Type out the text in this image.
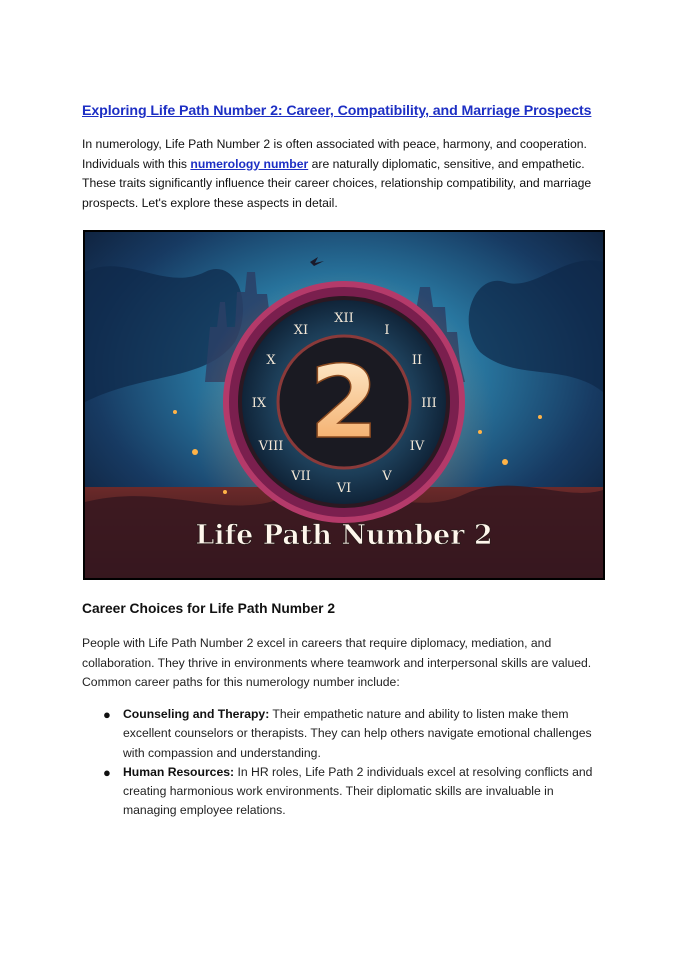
Exploring Life Path Number 2: Career, Compatibility, and Marriage Prospects

In numerology, Life Path Number 2 is often associated with peace, harmony, and cooperation. Individuals with this numerology number are naturally diplomatic, sensitive, and empathetic. These traits significantly influence their career choices, relationship compatibility, and marriage prospects. Let's explore these aspects in detail.

XII
I
II
III
IV
V
VI
VII
VIII
IX
X
XI
2
Life Path Number 2
Career Choices for Life Path Number 2

People with Life Path Number 2 excel in careers that require diplomacy, mediation, and collaboration. They thrive in environments where teamwork and interpersonal skills are valued. Common career paths for this numerology number include:

● Counseling and Therapy: Their empathetic nature and ability to listen make them excellent counselors or therapists. They can help others navigate emotional challenges with compassion and understanding.
● Human Resources: In HR roles, Life Path 2 individuals excel at resolving conflicts and creating harmonious work environments. Their diplomatic skills are invaluable in managing employee relations.
